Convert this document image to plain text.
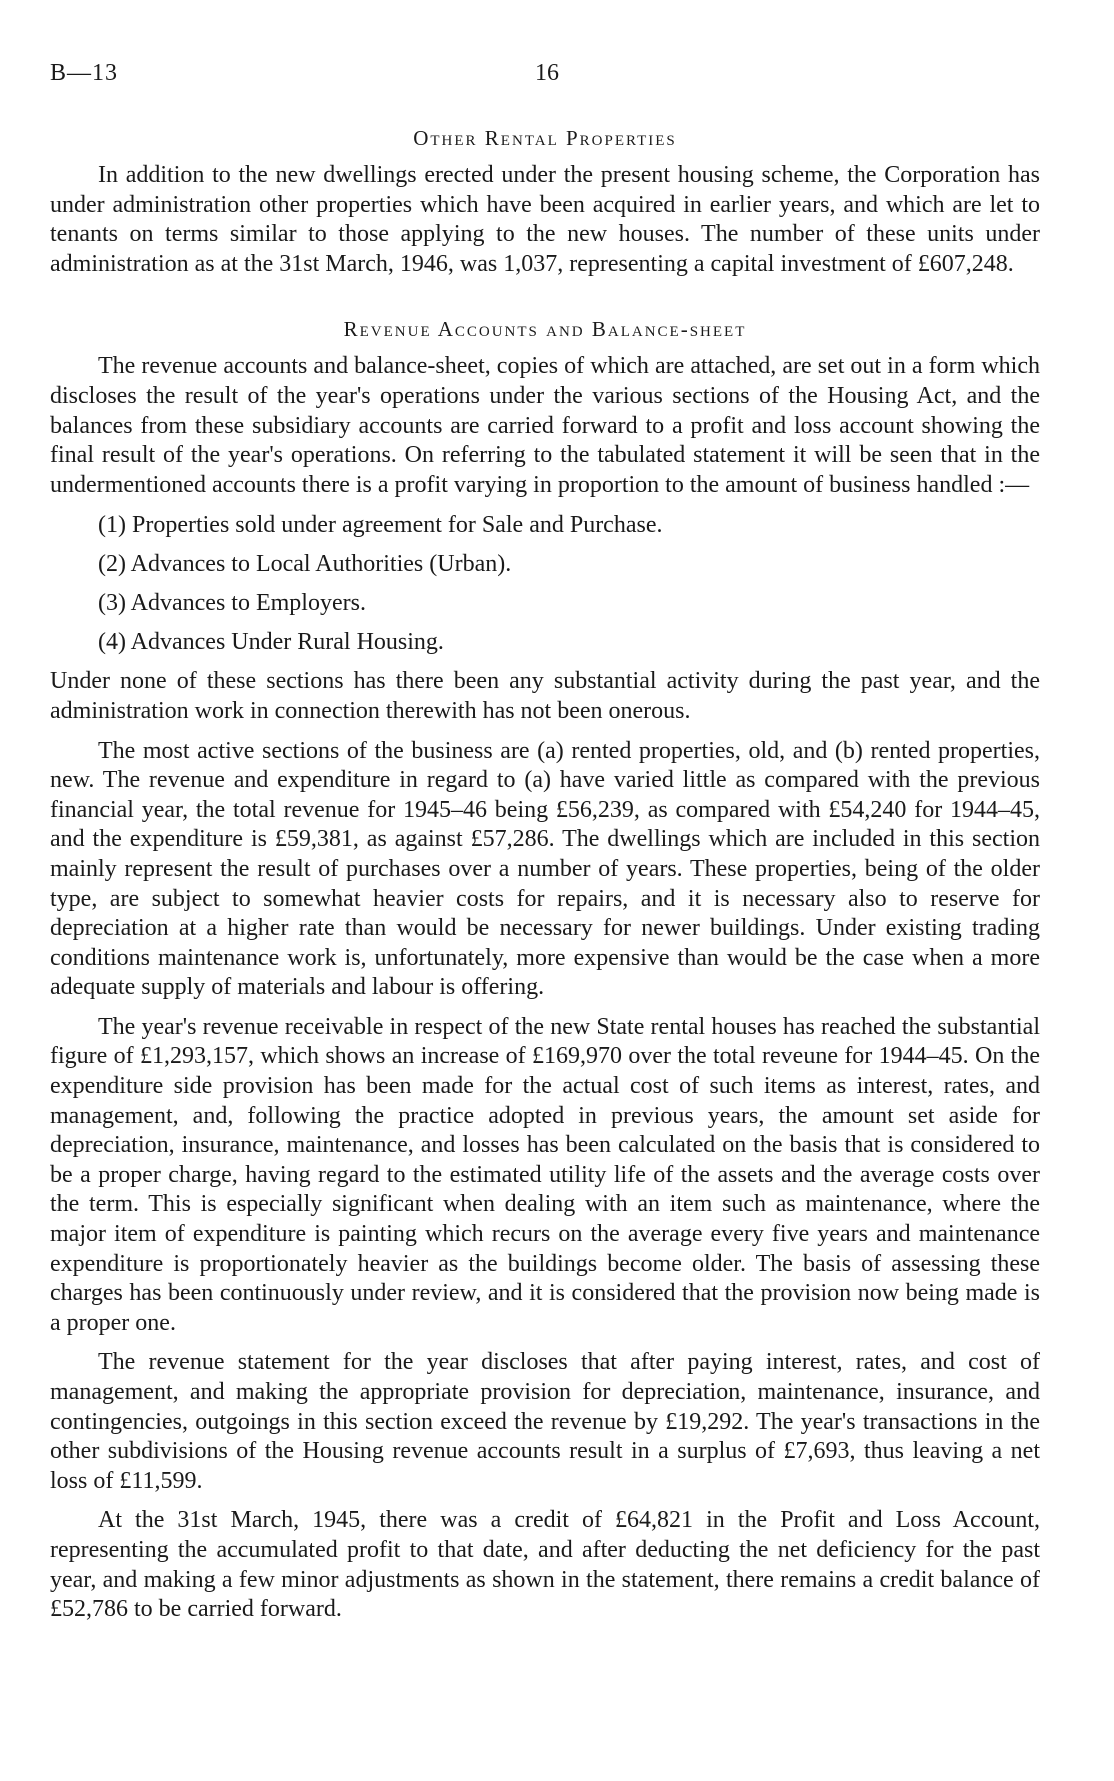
B—13	16
Other Rental Properties

In addition to the new dwellings erected under the present housing scheme, the Corporation has under administration other properties which have been acquired in earlier years, and which are let to tenants on terms similar to those applying to the new houses. The number of these units under administration as at the 31st March, 1946, was 1,037, representing a capital investment of £607,248.

Revenue Accounts and Balance-sheet

The revenue accounts and balance-sheet, copies of which are attached, are set out in a form which discloses the result of the year's operations under the various sections of the Housing Act, and the balances from these subsidiary accounts are carried forward to a profit and loss account showing the final result of the year's operations. On referring to the tabulated statement it will be seen that in the undermentioned accounts there is a profit varying in proportion to the amount of business handled :—

(1) Properties sold under agreement for Sale and Purchase.
(2) Advances to Local Authorities (Urban).
(3) Advances to Employers.
(4) Advances Under Rural Housing.

Under none of these sections has there been any substantial activity during the past year, and the administration work in connection therewith has not been onerous.

The most active sections of the business are (a) rented properties, old, and (b) rented properties, new. The revenue and expenditure in regard to (a) have varied little as compared with the previous financial year, the total revenue for 1945–46 being £56,239, as compared with £54,240 for 1944–45, and the expenditure is £59,381, as against £57,286. The dwellings which are included in this section mainly represent the result of purchases over a number of years. These properties, being of the older type, are subject to somewhat heavier costs for repairs, and it is necessary also to reserve for depreciation at a higher rate than would be necessary for newer buildings. Under existing trading conditions maintenance work is, unfortunately, more expensive than would be the case when a more adequate supply of materials and labour is offering.

The year's revenue receivable in respect of the new State rental houses has reached the substantial figure of £1,293,157, which shows an increase of £169,970 over the total reveune for 1944–45. On the expenditure side provision has been made for the actual cost of such items as interest, rates, and management, and, following the practice adopted in previous years, the amount set aside for depreciation, insurance, maintenance, and losses has been calculated on the basis that is considered to be a proper charge, having regard to the estimated utility life of the assets and the average costs over the term. This is especially significant when dealing with an item such as maintenance, where the major item of expenditure is painting which recurs on the average every five years and maintenance expenditure is proportionately heavier as the buildings become older. The basis of assessing these charges has been continuously under review, and it is considered that the provision now being made is a proper one.

The revenue statement for the year discloses that after paying interest, rates, and cost of management, and making the appropriate provision for depreciation, maintenance, insurance, and contingencies, outgoings in this section exceed the revenue by £19,292. The year's transactions in the other subdivisions of the Housing revenue accounts result in a surplus of £7,693, thus leaving a net loss of £11,599.

At the 31st March, 1945, there was a credit of £64,821 in the Profit and Loss Account, representing the accumulated profit to that date, and after deducting the net deficiency for the past year, and making a few minor adjustments as shown in the statement, there remains a credit balance of £52,786 to be carried forward.
